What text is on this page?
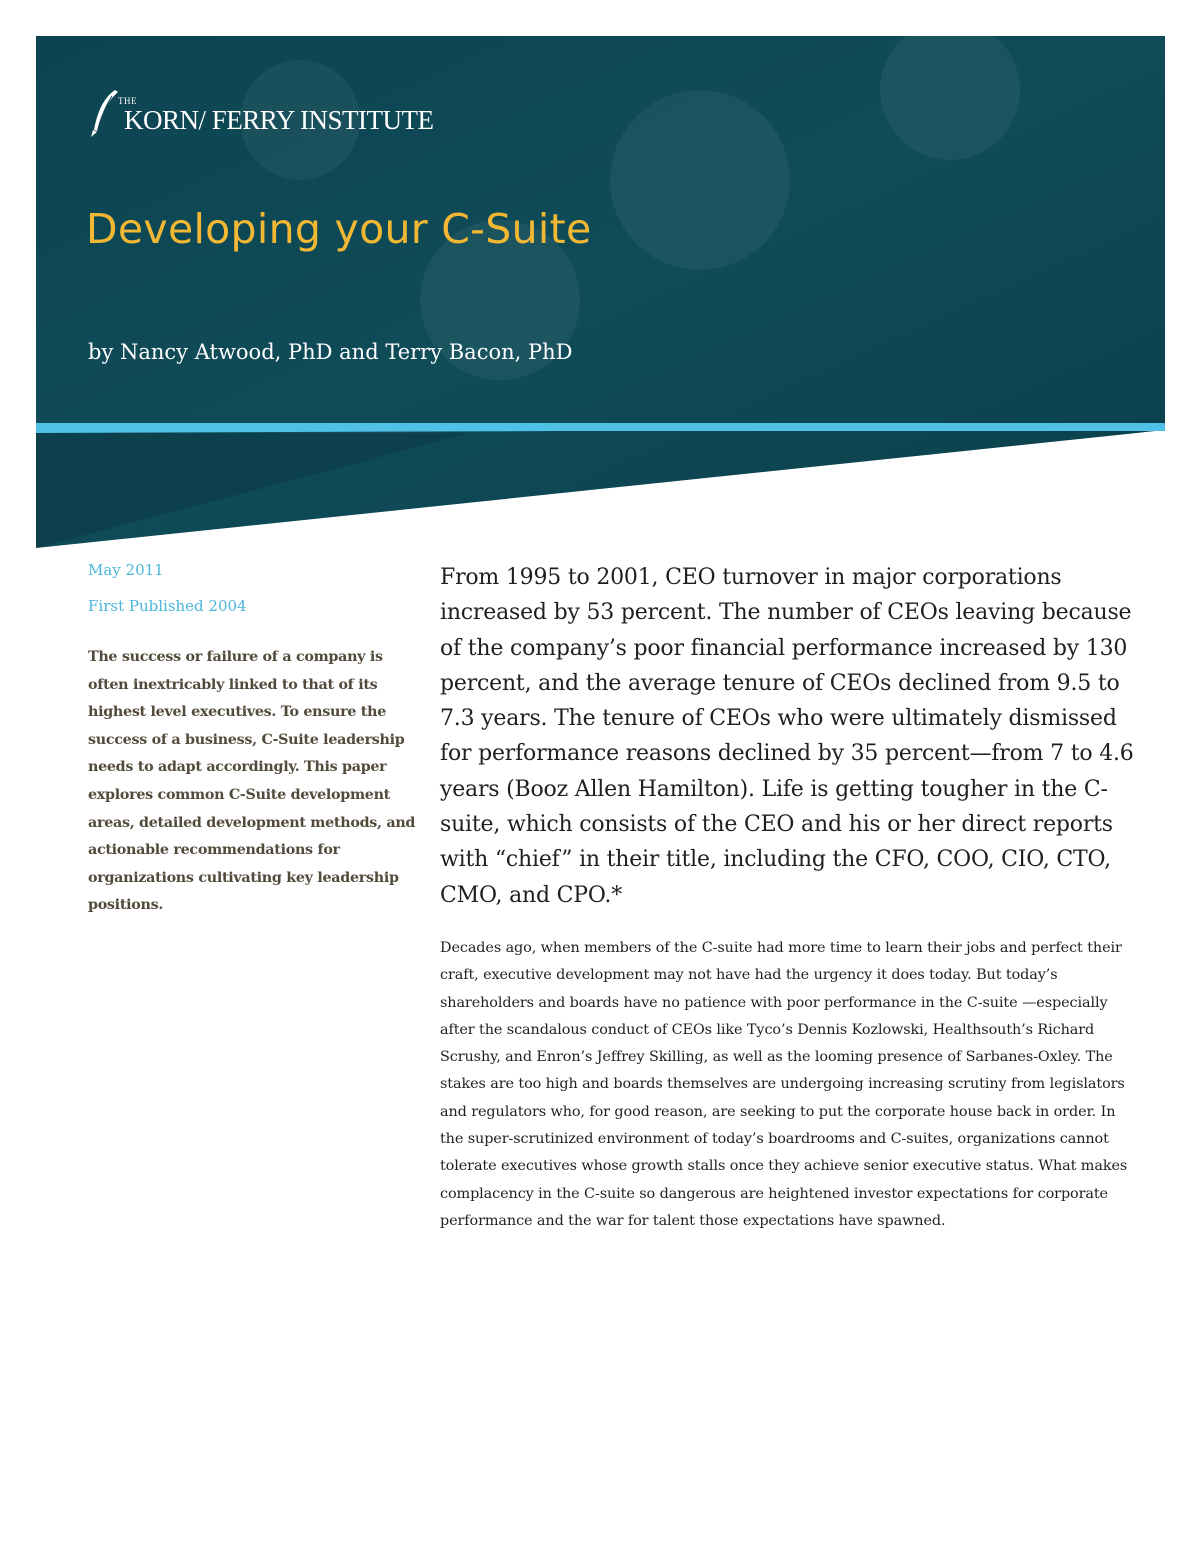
THE
KORN/ FERRY INSTITUTE
Developing your C-Suite

by Nancy Atwood, PhD and Terry Bacon, PhD

May 2011

First Published 2004

The success or failure of a company is often inextricably linked to that of its highest level executives. To ensure the success of a business, C-Suite leadership needs to adapt accordingly. This paper explores common C-Suite development areas, detailed development methods, and actionable recommendations for organizations cultivating key leadership positions.

From 1995 to 2001, CEO turnover in major corporations increased by 53 percent. The number of CEOs leaving because of the company’s poor financial performance increased by 130 percent, and the average tenure of CEOs declined from 9.5 to 7.3 years. The tenure of CEOs who were ultimately dismissed for performance reasons declined by 35 percent—from 7 to 4.6 years (Booz Allen Hamilton). Life is getting tougher in the C-suite, which consists of the CEO and his or her direct reports with “chief” in their title, including the CFO, COO, CIO, CTO, CMO, and CPO.*

Decades ago, when members of the C-suite had more time to learn their jobs and perfect their craft, executive development may not have had the urgency it does today. But today’s shareholders and boards have no patience with poor performance in the C-suite —especially after the scandalous conduct of CEOs like Tyco’s Dennis Kozlowski, Healthsouth’s Richard Scrushy, and Enron’s Jeffrey Skilling, as well as the looming presence of Sarbanes-Oxley. The stakes are too high and boards themselves are undergoing increasing scrutiny from legislators and regulators who, for good reason, are seeking to put the corporate house back in order. In the super-scrutinized environment of today’s boardrooms and C-suites, organizations cannot tolerate executives whose growth stalls once they achieve senior executive status. What makes complacency in the C-suite so dangerous are heightened investor expectations for corporate performance and the war for talent those expectations have spawned.
